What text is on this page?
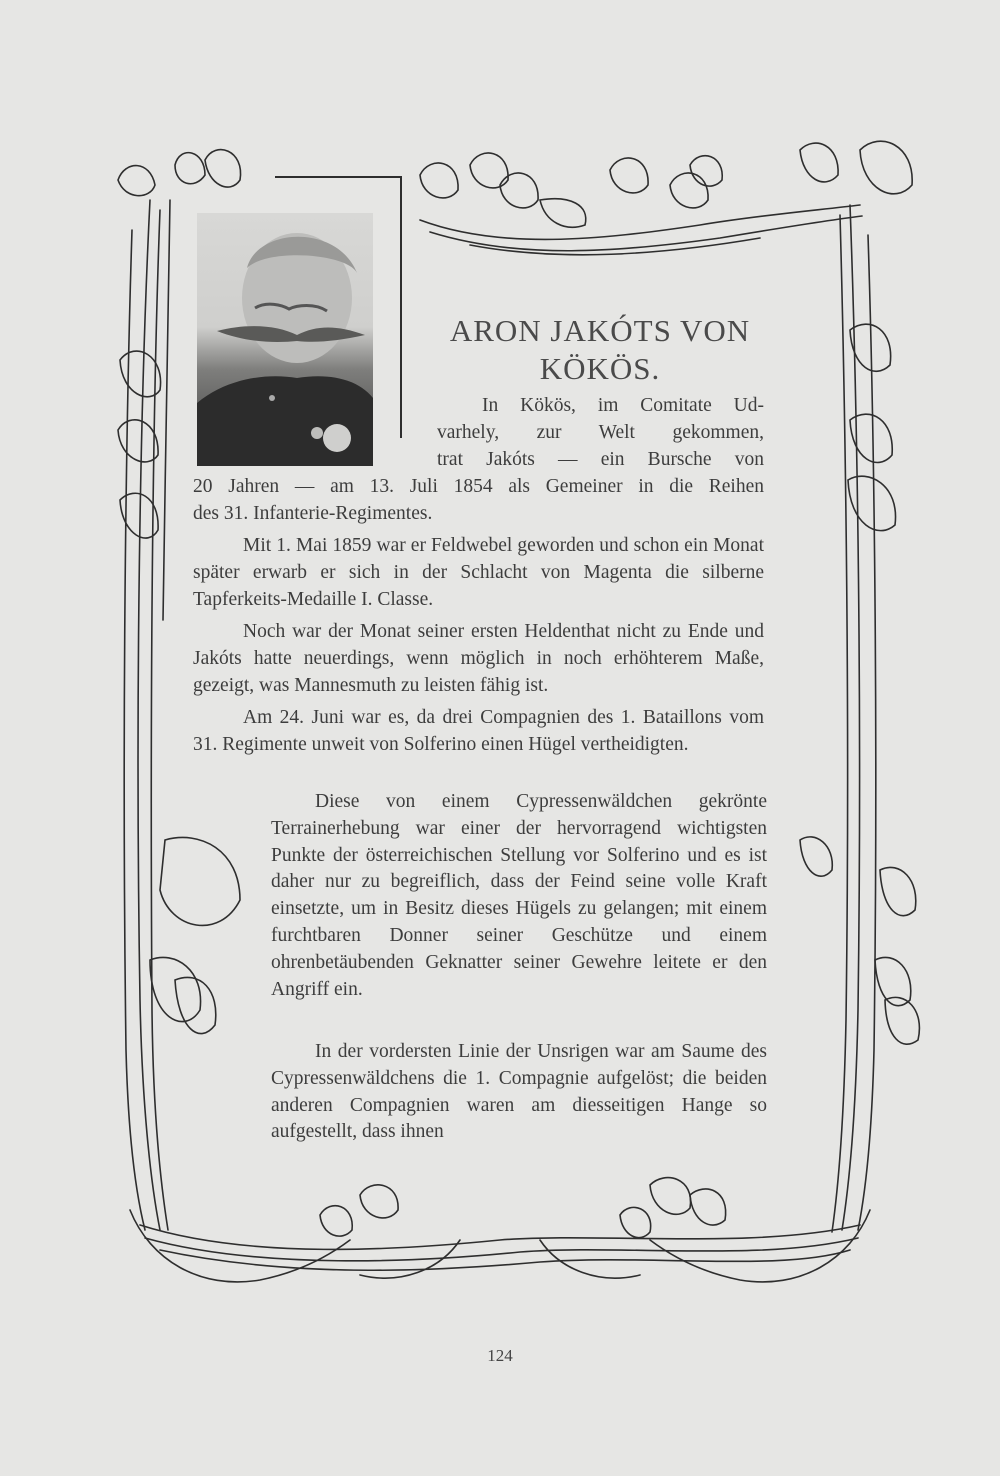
ARON JAKÓTS VON
KÖKÖS.

In Kökös, im Comitate Ud-

varhely, zur Welt gekommen,

trat Jakóts — ein Bursche von

20 Jahren — am 13. Juli 1854 als Gemeiner in die Reihen

des 31. Infanterie-Regimentes.

Mit 1. Mai 1859 war er Feldwebel geworden und schon ein Monat später erwarb er sich in der Schlacht von Magenta die silberne Tapferkeits-Medaille I. Classe.

Noch war der Monat seiner ersten Heldenthat nicht zu Ende und Jakóts hatte neuerdings, wenn möglich in noch erhöhterem Maße, gezeigt, was Mannesmuth zu leisten fähig ist.

Am 24. Juni war es, da drei Compagnien des 1. Bataillons vom 31. Regimente unweit von Solferino einen Hügel vertheidigten.

Diese von einem Cypressenwäldchen gekrönte Terrainerhebung war einer der hervorragend wichtigsten Punkte der österreichischen Stellung vor Solferino und es ist daher nur zu begreiflich, dass der Feind seine volle Kraft einsetzte, um in Besitz dieses Hügels zu gelangen; mit einem furchtbaren Donner seiner Geschütze und einem ohrenbetäubenden Geknatter seiner Gewehre leitete er den Angriff ein.

In der vordersten Linie der Unsrigen war am Saume des Cypressenwäldchens die 1. Compagnie aufgelöst; die beiden anderen Compagnien waren am diesseitigen Hange so aufgestellt, dass ihnen

124
